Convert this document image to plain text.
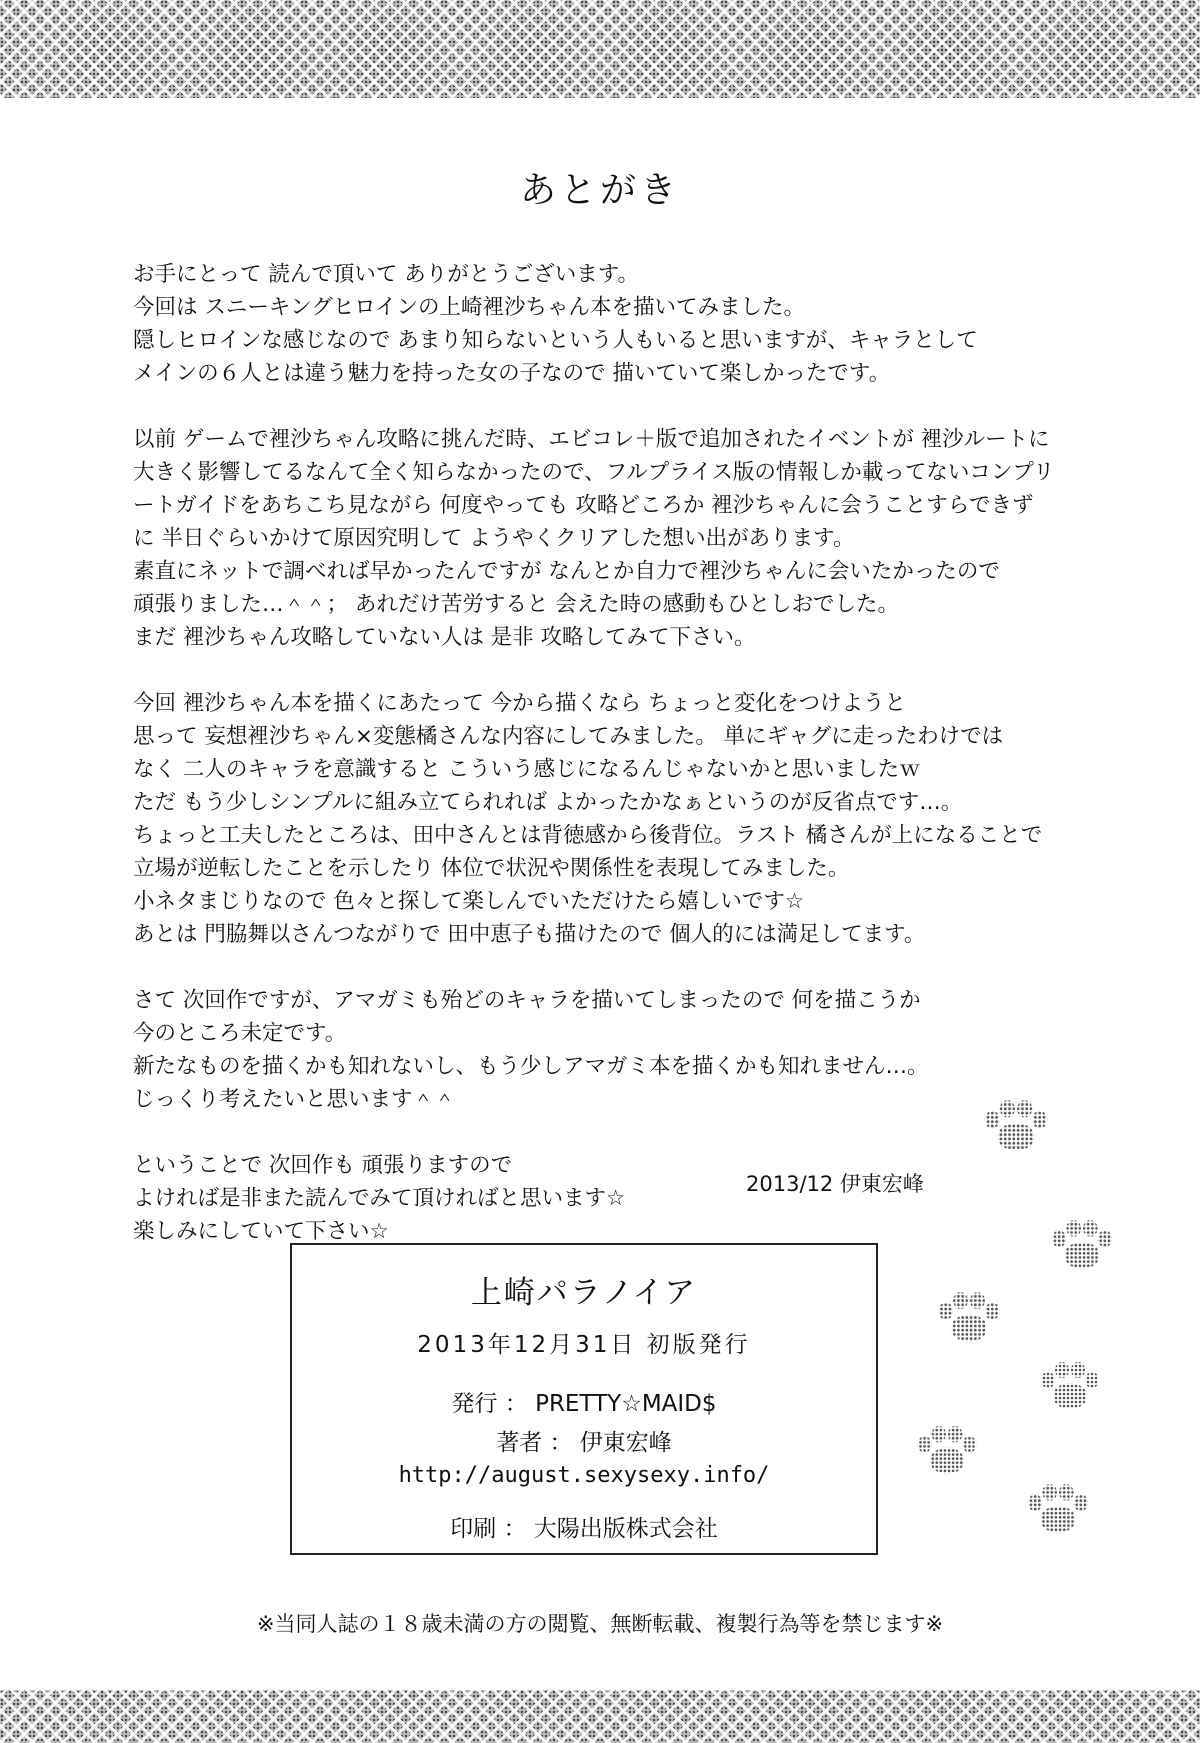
あとがき
お手にとって 読んで頂いて ありがとうございます。
今回は スニーキングヒロインの上崎裡沙ちゃん本を描いてみました。
隠しヒロインな感じなので あまり知らないという人もいると思いますが、キャラとして
メインの６人とは違う魅力を持った女の子なので 描いていて楽しかったです。
以前 ゲームで裡沙ちゃん攻略に挑んだ時、エビコレ＋版で追加されたイベントが 裡沙ルートに
大きく影響してるなんて全く知らなかったので、フルプライス版の情報しか載ってないコンプリ
ートガイドをあちこち見ながら 何度やっても 攻略どころか 裡沙ちゃんに会うことすらできず
に 半日ぐらいかけて原因究明して ようやくクリアした想い出があります。
素直にネットで調べれば早かったんですが なんとか自力で裡沙ちゃんに会いたかったので
頑張りました…＾＾； あれだけ苦労すると 会えた時の感動もひとしおでした。
まだ 裡沙ちゃん攻略していない人は 是非 攻略してみて下さい。
今回 裡沙ちゃん本を描くにあたって 今から描くなら ちょっと変化をつけようと
思って 妄想裡沙ちゃん×変態橘さんな内容にしてみました。 単にギャグに走ったわけでは
なく 二人のキャラを意識すると こういう感じになるんじゃないかと思いましたｗ
ただ もう少しシンプルに組み立てられれば よかったかなぁというのが反省点です…。
ちょっと工夫したところは、田中さんとは背徳感から後背位。ラスト 橘さんが上になることで
立場が逆転したことを示したり 体位で状況や関係性を表現してみました。
小ネタまじりなので 色々と探して楽しんでいただけたら嬉しいです☆
あとは 門脇舞以さんつながりで 田中恵子も描けたので 個人的には満足してます。
さて 次回作ですが、アマガミも殆どのキャラを描いてしまったので 何を描こうか
今のところ未定です。
新たなものを描くかも知れないし、もう少しアマガミ本を描くかも知れません…。
じっくり考えたいと思います＾＾
ということで 次回作も 頑張りますので
よければ是非また読んでみて頂ければと思います☆
楽しみにしていて下さい☆
2013/12 伊東宏峰
上崎パラノイア
2013年12月31日 初版発行
発行 ： PRETTY☆MAID$
著者 ： 伊東宏峰
http://august.sexysexy.info/
印刷 ： 大陽出版株式会社
※当同人誌の１８歳未満の方の閲覧、無断転載、複製行為等を禁じます※
